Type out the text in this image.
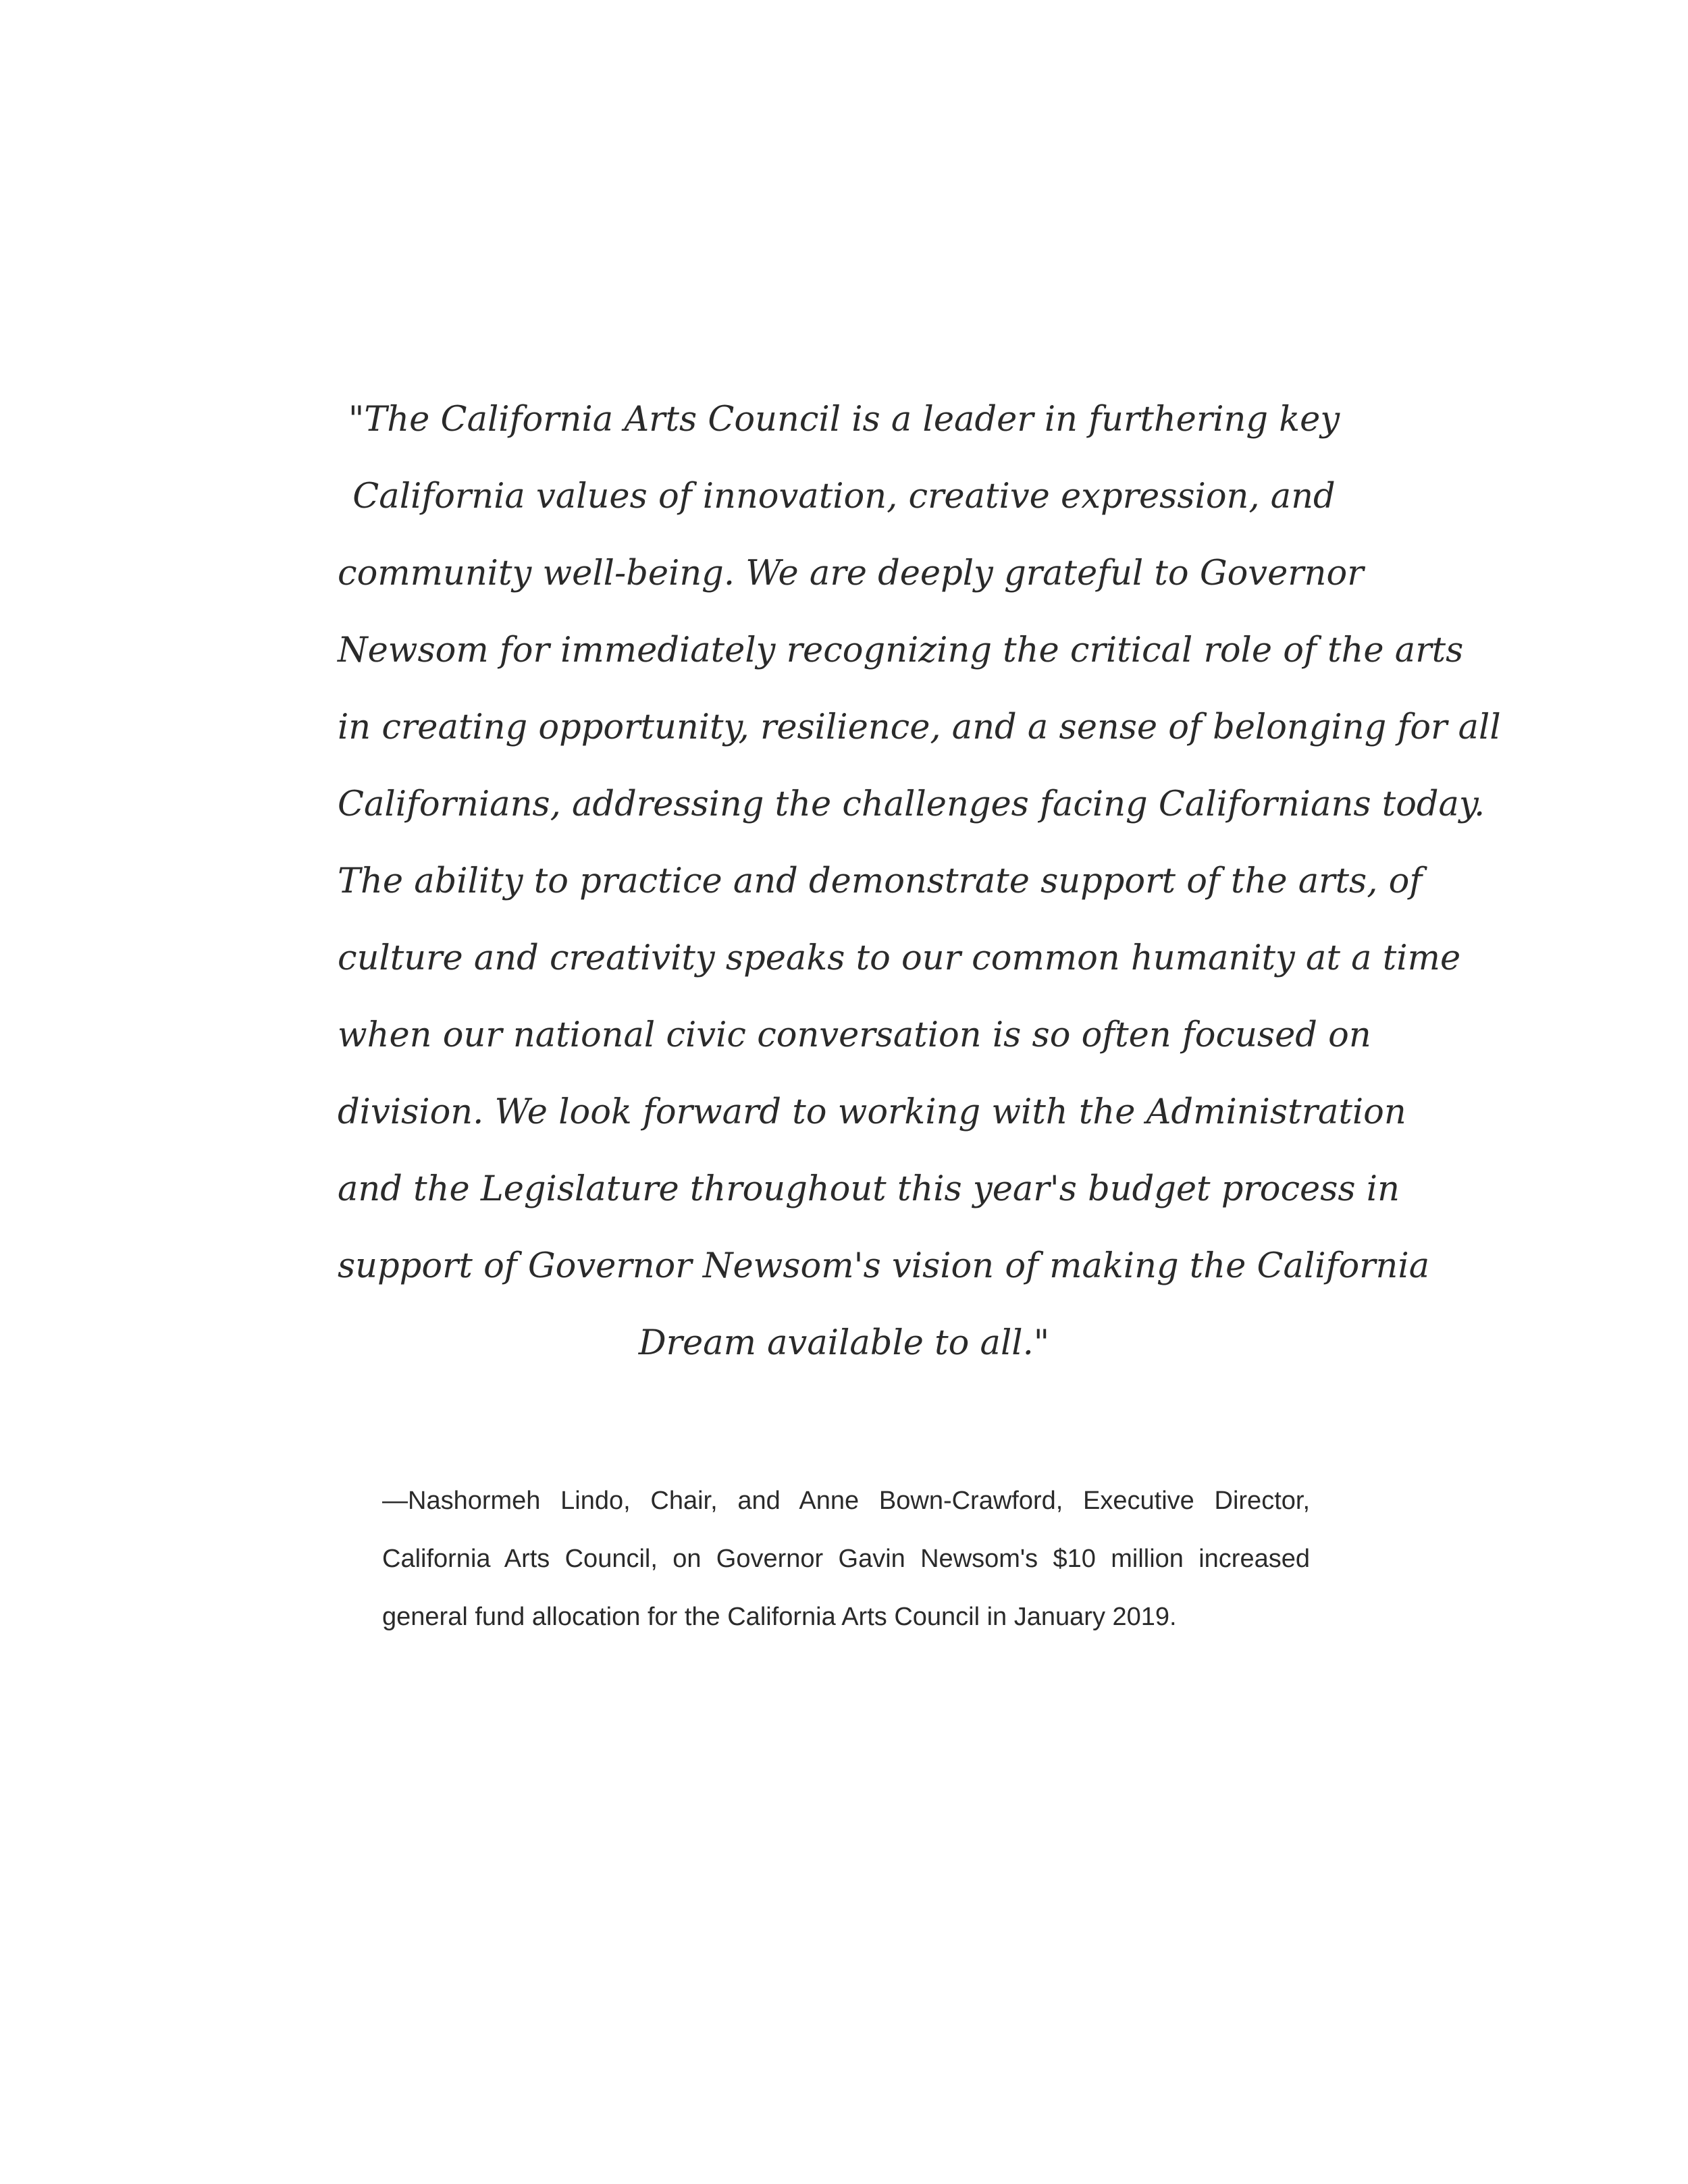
"The California Arts Council is a leader in furthering key
California values of innovation, creative expression, and
community well-being. We are deeply grateful to Governor
Newsom for immediately recognizing the critical role of the arts
in creating opportunity, resilience, and a sense of belonging for all
Californians, addressing the challenges facing Californians today.
The ability to practice and demonstrate support of the arts, of
culture and creativity speaks to our common humanity at a time
when our national civic conversation is so often focused on
division. We look forward to working with the Administration
and the Legislature throughout this year's budget process in
support of Governor Newsom's vision of making the California
Dream available to all."

—Nashormeh Lindo, Chair, and Anne Bown-Crawford, Executive Director,
California Arts Council, on Governor Gavin Newsom's $10 million increased
general fund allocation for the California Arts Council in January 2019.
